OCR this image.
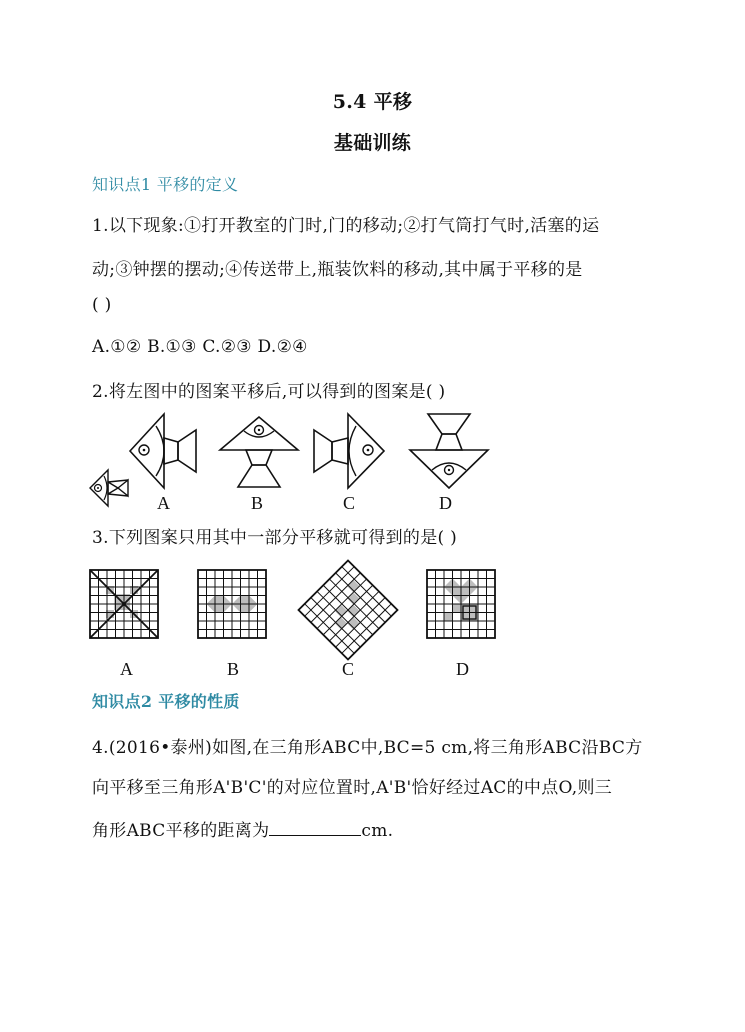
5.4 平移
基础训练
知识点1 平移的定义
1.以下现象:①打开教室的门时,门的移动;②打气筒打气时,活塞的运
动;③钟摆的摆动;④传送带上,瓶装饮料的移动,其中属于平移的是
( )
A.①② B.①③ C.②③ D.②④
2.将左图中的图案平移后,可以得到的图案是( )
A	B	C	D
3.下列图案只用其中一部分平移就可得到的是( )
A	B	C	D
知识点2 平移的性质
4.(2016•泰州)如图,在三角形ABC中,BC=5 cm,将三角形ABC沿BC方
向平移至三角形A'B'C'的对应位置时,A'B'恰好经过AC的中点O,则三
角形ABC平移的距离为	cm.
